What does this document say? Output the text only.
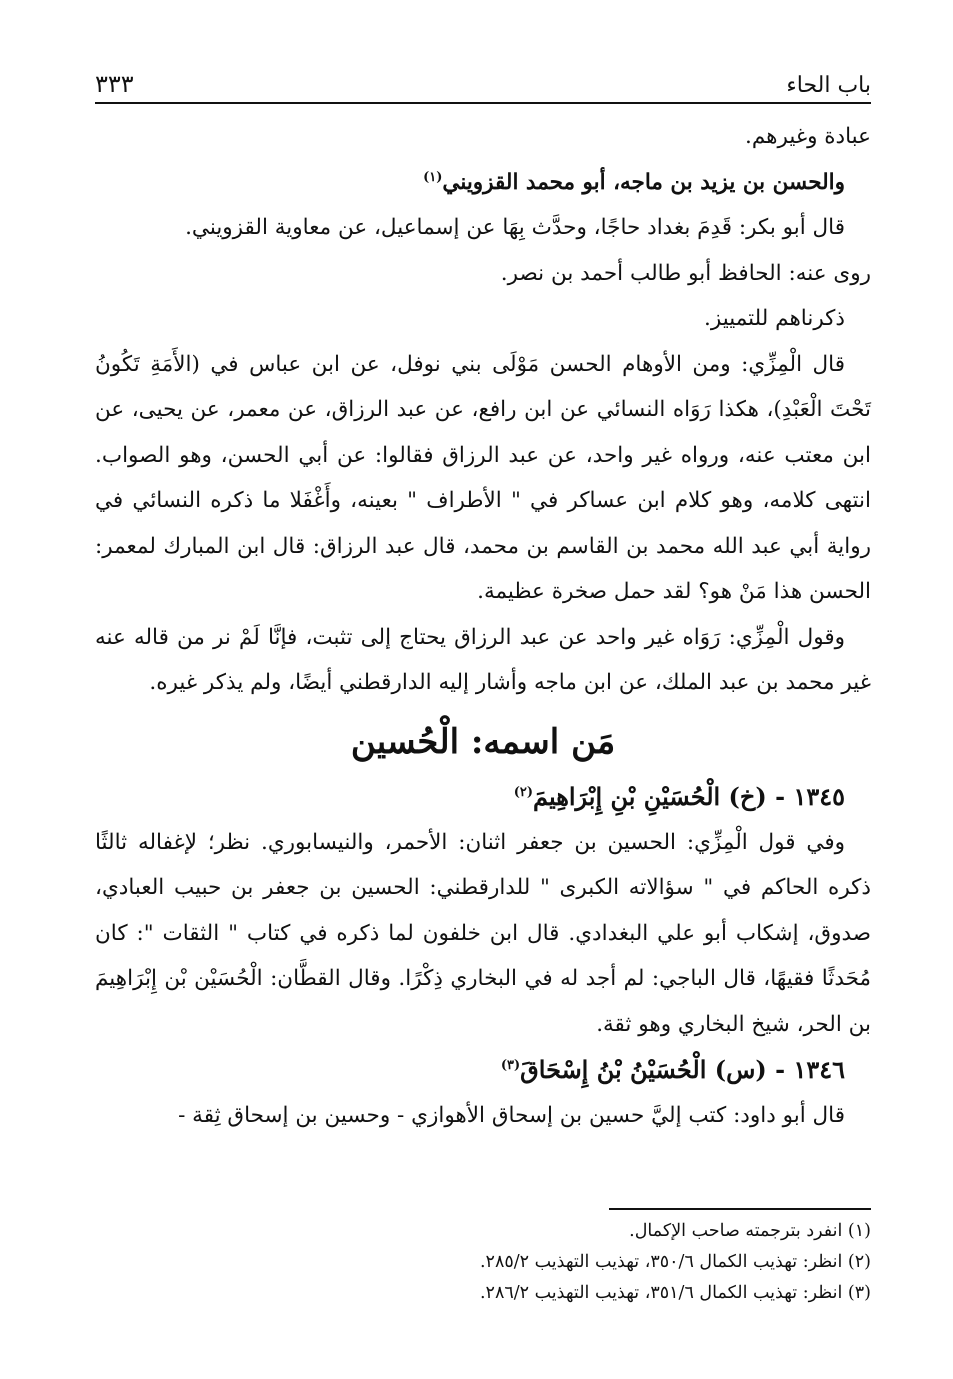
باب الحاء
٣٣٣

عبادة وغيرهم.

والحسن بن يزيد بن ماجه، أبو محمد القزويني$^{(١)}$

قال أبو بكر: قَدِمَ بغداد حاجًا، وحدَّث بِهَا عن إسماعيل، عن معاوية القزويني.

روى عنه: الحافظ أبو طالب أحمد بن نصر.

ذكرناهم للتمييز.

قال الْمِزِّي: ومن الأوهام الحسن مَوْلَى بني نوفل، عن ابن عباس في (الأَمَةِ تَكُونُ تَحْتَ الْعَبْدِ)، هكذا رَوَاه النسائي عن ابن رافع، عن عبد الرزاق، عن معمر، عن يحيى، عن ابن معتب عنه، ورواه غير واحد، عن عبد الرزاق فقالوا: عن أبي الحسن، وهو الصواب. انتهى كلامه، وهو كلام ابن عساكر في " الأطراف " بعينه، وأَغْفَلا ما ذكره النسائي في رواية أبي عبد الله محمد بن القاسم بن محمد، قال عبد الرزاق: قال ابن المبارك لمعمر: الحسن هذا مَنْ هو؟ لقد حمل صخرة عظيمة.

وقول الْمِزِّي: رَوَاه غير واحد عن عبد الرزاق يحتاج إلى تثبت، فإنَّا لَمْ نر من قاله عنه غير محمد بن عبد الملك، عن ابن ماجه وأشار إليه الدارقطني أيضًا، ولم يذكر غيره.

مَن اسمه: الْحُسين

١٣٤٥ - (خ) الْحُسَيْنِ بْنِ إِبْرَاهِيمَ$^{(٢)}$

وفي قول الْمِزِّي: الحسين بن جعفر اثنان: الأحمر، والنيسابوري. نظر؛ لإغفاله ثالثًا ذكره الحاكم في " سؤالاته الكبرى " للدارقطني: الحسين بن جعفر بن حبيب العبادي، صدوق، إشكاب أبو علي البغدادي. قال ابن خلفون لما ذكره في كتاب " الثقات ": كان مُحَدثًا فقيهًا، قال الباجي: لم أجد له في البخاري ذِكْرًا. وقال القطَّان: الْحُسَيْن بْن إِبْرَاهِيمَ بن الحر، شيخ البخاري وهو ثقة.

١٣٤٦ - (س) الْحُسَيْنُ بْنُ إِسْحَاقَ$^{(٣)}$

قال أبو داود: كتب إليَّ حسين بن إسحاق الأهوازي - وحسين بن إسحاق ثِقة -

(١) انفرد بترجمته صاحب الإكمال.

(٢) انظر: تهذيب الكمال ٣٥٠/٦، تهذيب التهذيب ٢٨٥/٢.

(٣) انظر: تهذيب الكمال ٣٥١/٦، تهذيب التهذيب ٢٨٦/٢.
